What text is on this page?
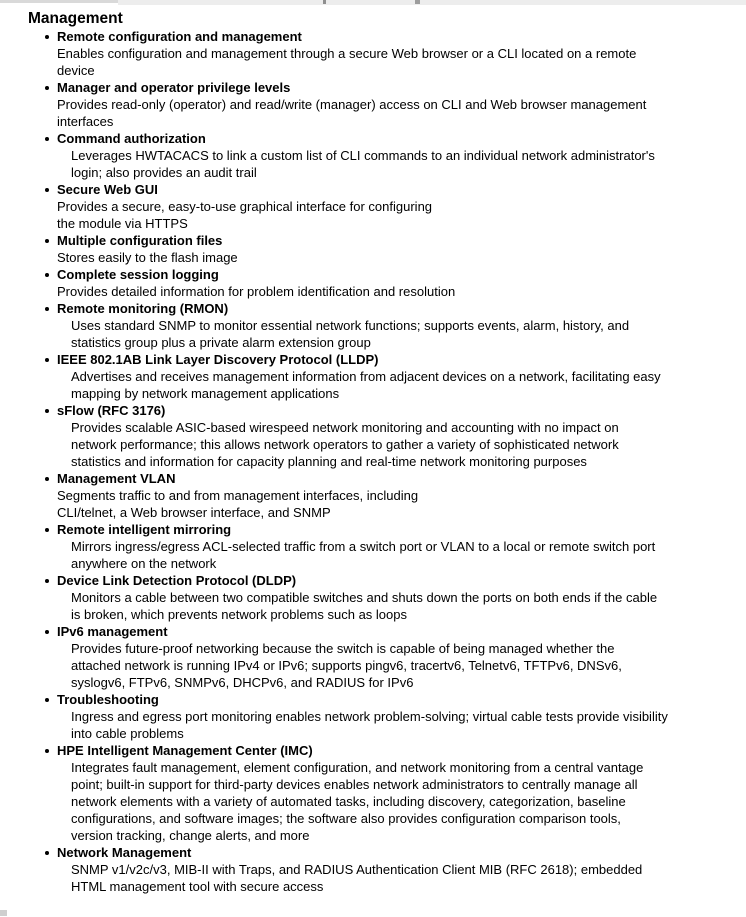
Management
Remote configuration and management
Enables configuration and management through a secure Web browser or a CLI located on a remote
device
Manager and operator privilege levels
Provides read-only (operator) and read/write (manager) access on CLI and Web browser management
interfaces
Command authorization
Leverages HWTACACS to link a custom list of CLI commands to an individual network administrator's
login; also provides an audit trail
Secure Web GUI
Provides a secure, easy-to-use graphical interface for configuring
the module via HTTPS
Multiple configuration files
Stores easily to the flash image
Complete session logging
Provides detailed information for problem identification and resolution
Remote monitoring (RMON)
Uses standard SNMP to monitor essential network functions; supports events, alarm, history, and
statistics group plus a private alarm extension group
IEEE 802.1AB Link Layer Discovery Protocol (LLDP)
Advertises and receives management information from adjacent devices on a network, facilitating easy
mapping by network management applications
sFlow (RFC 3176)
Provides scalable ASIC-based wirespeed network monitoring and accounting with no impact on
network performance; this allows network operators to gather a variety of sophisticated network
statistics and information for capacity planning and real-time network monitoring purposes
Management VLAN
Segments traffic to and from management interfaces, including
CLI/telnet, a Web browser interface, and SNMP
Remote intelligent mirroring
Mirrors ingress/egress ACL-selected traffic from a switch port or VLAN to a local or remote switch port
anywhere on the network
Device Link Detection Protocol (DLDP)
Monitors a cable between two compatible switches and shuts down the ports on both ends if the cable
is broken, which prevents network problems such as loops
IPv6 management
Provides future-proof networking because the switch is capable of being managed whether the
attached network is running IPv4 or IPv6; supports pingv6, tracertv6, Telnetv6, TFTPv6, DNSv6,
syslogv6, FTPv6, SNMPv6, DHCPv6, and RADIUS for IPv6
Troubleshooting
Ingress and egress port monitoring enables network problem-solving; virtual cable tests provide visibility
into cable problems
HPE Intelligent Management Center (IMC)
Integrates fault management, element configuration, and network monitoring from a central vantage
point; built-in support for third-party devices enables network administrators to centrally manage all
network elements with a variety of automated tasks, including discovery, categorization, baseline
configurations, and software images; the software also provides configuration comparison tools,
version tracking, change alerts, and more
Network Management
SNMP v1/v2c/v3, MIB-II with Traps, and RADIUS Authentication Client MIB (RFC 2618); embedded
HTML management tool with secure access
